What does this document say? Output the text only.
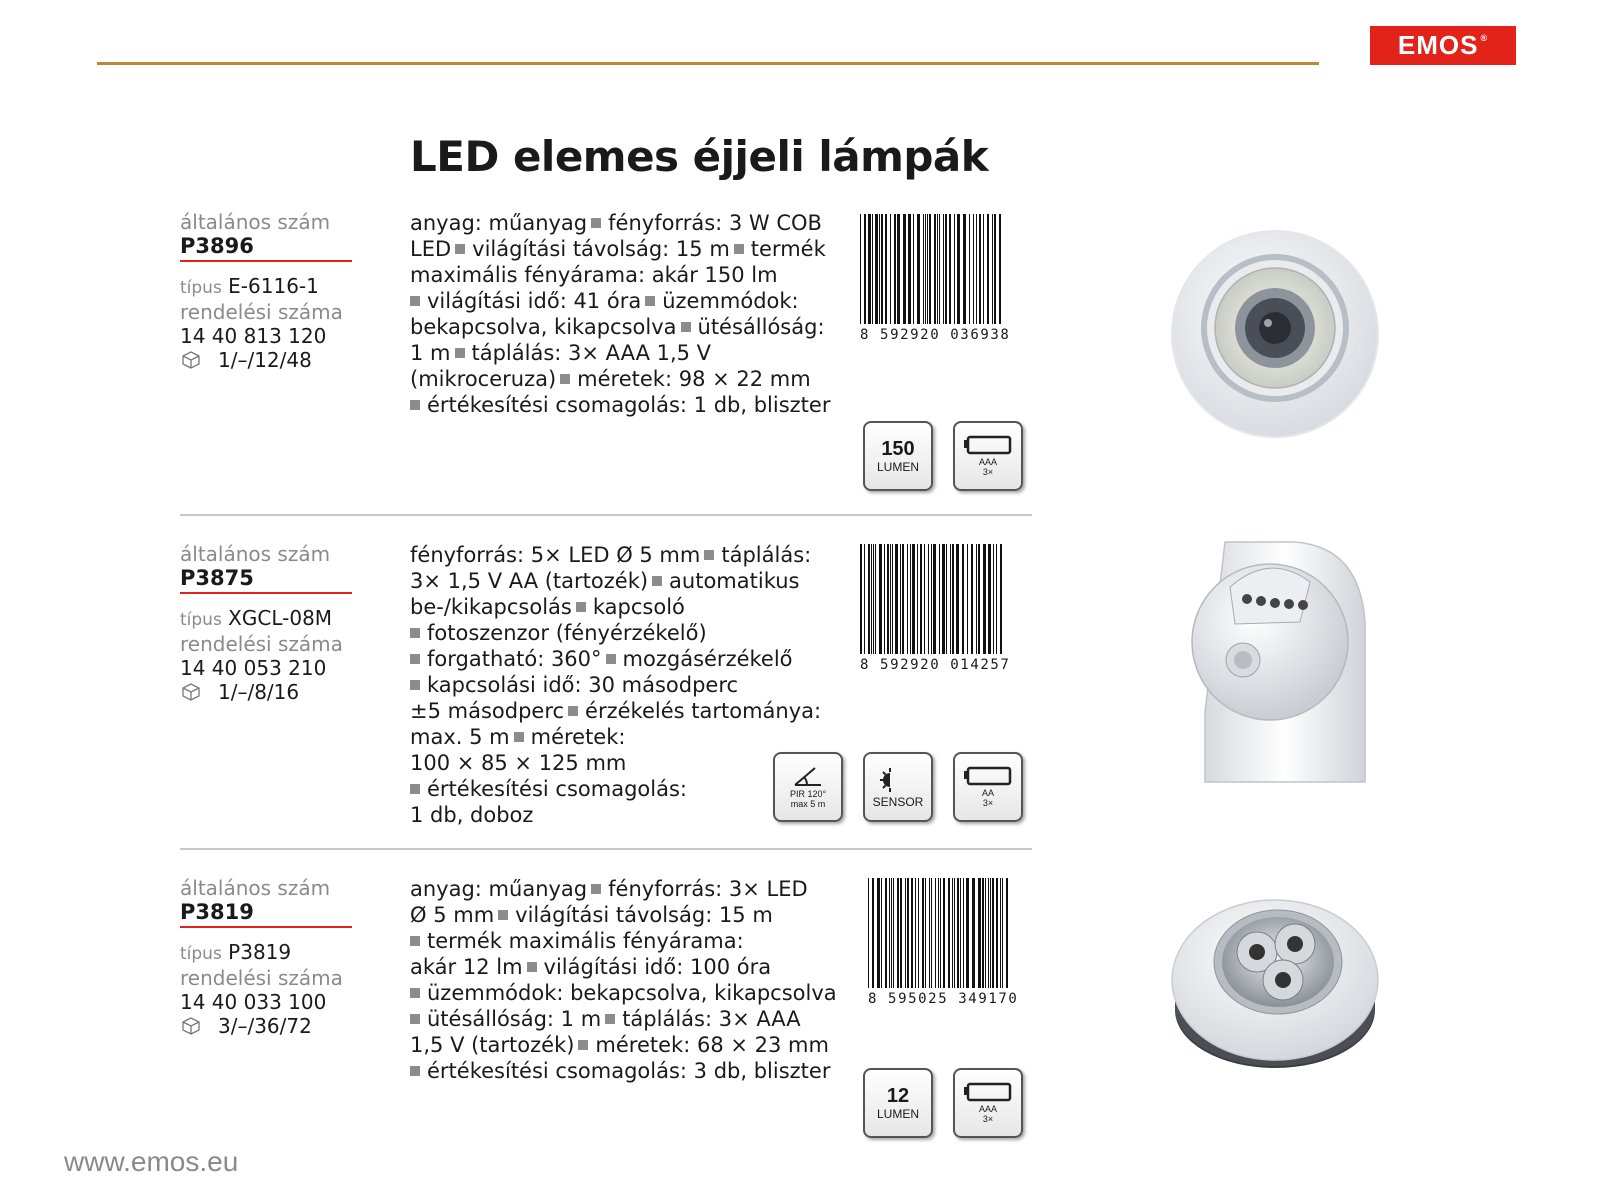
EMOS®
LED elemes éjjeli lámpák
általános szám
P3896
típus E-6116-1
rendelési száma
14 40 813 120
1/–/12/48
anyag: műanyag fényforrás: 3 W COB
LED világítási távolság: 15 m termék
maximális fényárama: akár 150 lm
világítási idő: 41 óra üzemmódok:
bekapcsolva, kikapcsolva ütésállóság:
1 m táplálás: 3× AAA 1,5 V
(mikroceruza) méretek: 98 × 22 mm
értékesítési csomagolás: 1 db, bliszter
8 592920 036938
150
LUMEN	AAA
3×
általános szám
P3875
típus XGCL-08M
rendelési száma
14 40 053 210
1/–/8/16
fényforrás: 5× LED Ø 5 mm táplálás:
3× 1,5 V AA (tartozék) automatikus
be-/kikapcsolás kapcsoló
fotoszenzor (fényérzékelő)
forgatható: 360° mozgásérzékelő
kapcsolási idő: 30 másodperc
±5 másodperc érzékelés tartománya:
max. 5 m méretek:
100 × 85 × 125 mm
értékesítési csomagolás:
1 db, doboz
8 592920 014257
PIR 120°
max 5 m	SENSOR
AA
3×
általános szám
P3819
típus P3819
rendelési száma
14 40 033 100
3/–/36/72
anyag: műanyag fényforrás: 3× LED
Ø 5 mm világítási távolság: 15 m
termék maximális fényárama:
akár 12 lm világítási idő: 100 óra
üzemmódok: bekapcsolva, kikapcsolva
ütésállóság: 1 m táplálás: 3× AAA
1,5 V (tartozék) méretek: 68 × 23 mm
értékesítési csomagolás: 3 db, bliszter
8 595025 349170
12
LUMEN	AAA
3×
www.emos.eu
